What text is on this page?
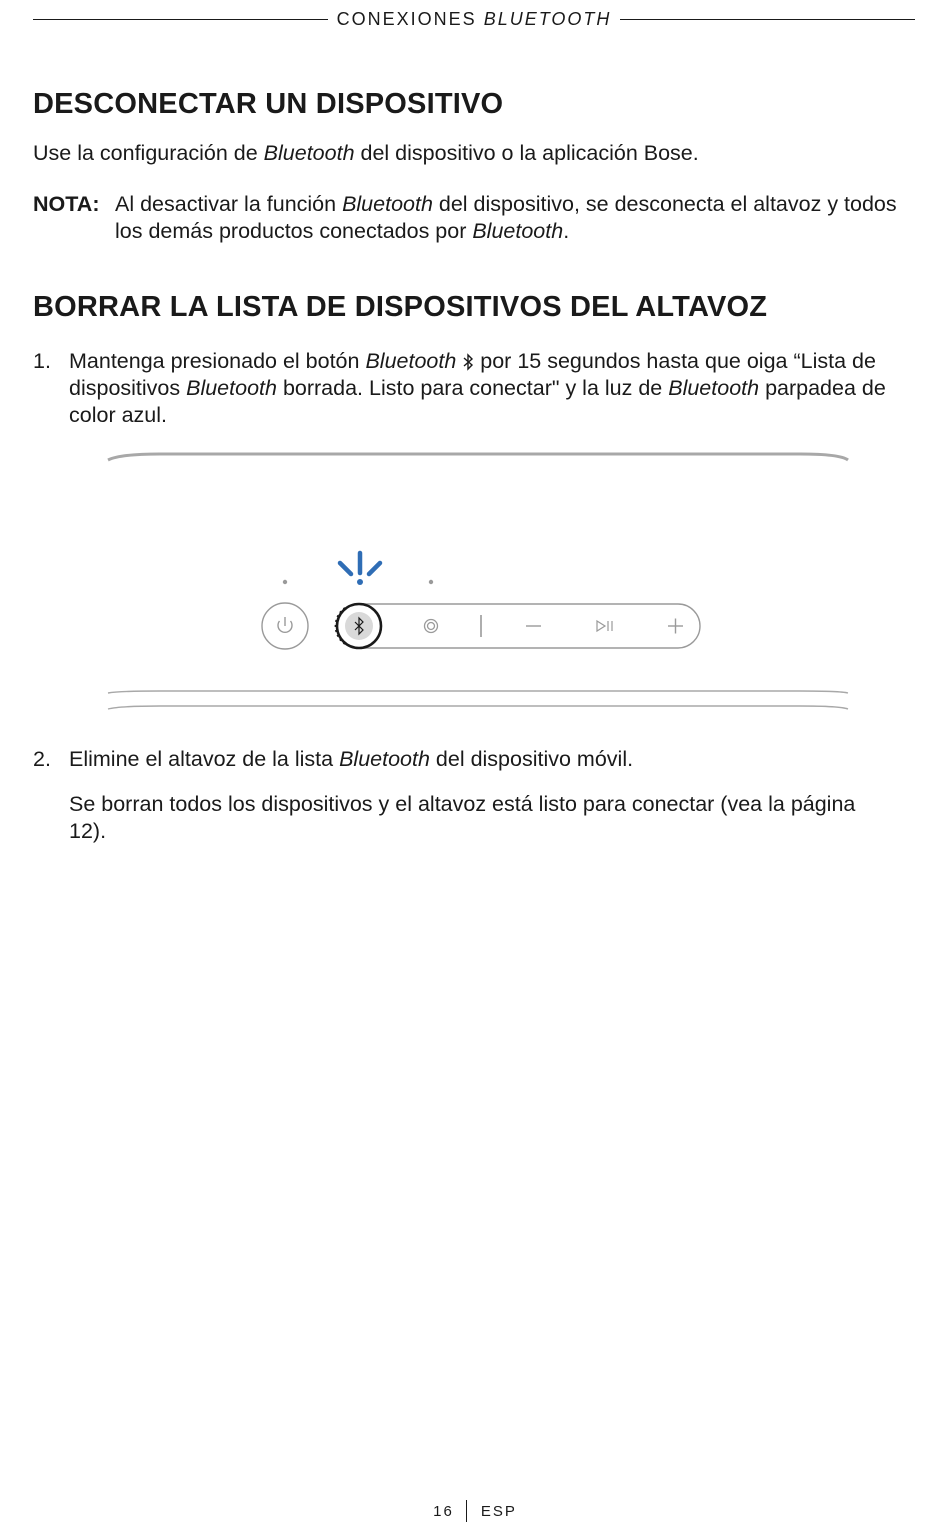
CONEXIONES BLUETOOTH
DESCONECTAR UN DISPOSITIVO

Use la configuración de Bluetooth del dispositivo o la aplicación Bose.

NOTA: Al desactivar la función Bluetooth del dispositivo, se desconecta el altavoz y todos los demás productos conectados por Bluetooth.
BORRAR LA LISTA DE DISPOSITIVOS DEL ALTAVOZ
1. Mantenga presionado el botón Bluetooth  por 15 segundos hasta que oiga “Lista de dispositivos Bluetooth borrada. Listo para conectar" y la luz de Bluetooth parpadea de color azul.
2. Elimine el altavoz de la lista Bluetooth del dispositivo móvil.
Se borran todos los dispositivos y el altavoz está listo para conectar (vea la página 12).
16 ESP
